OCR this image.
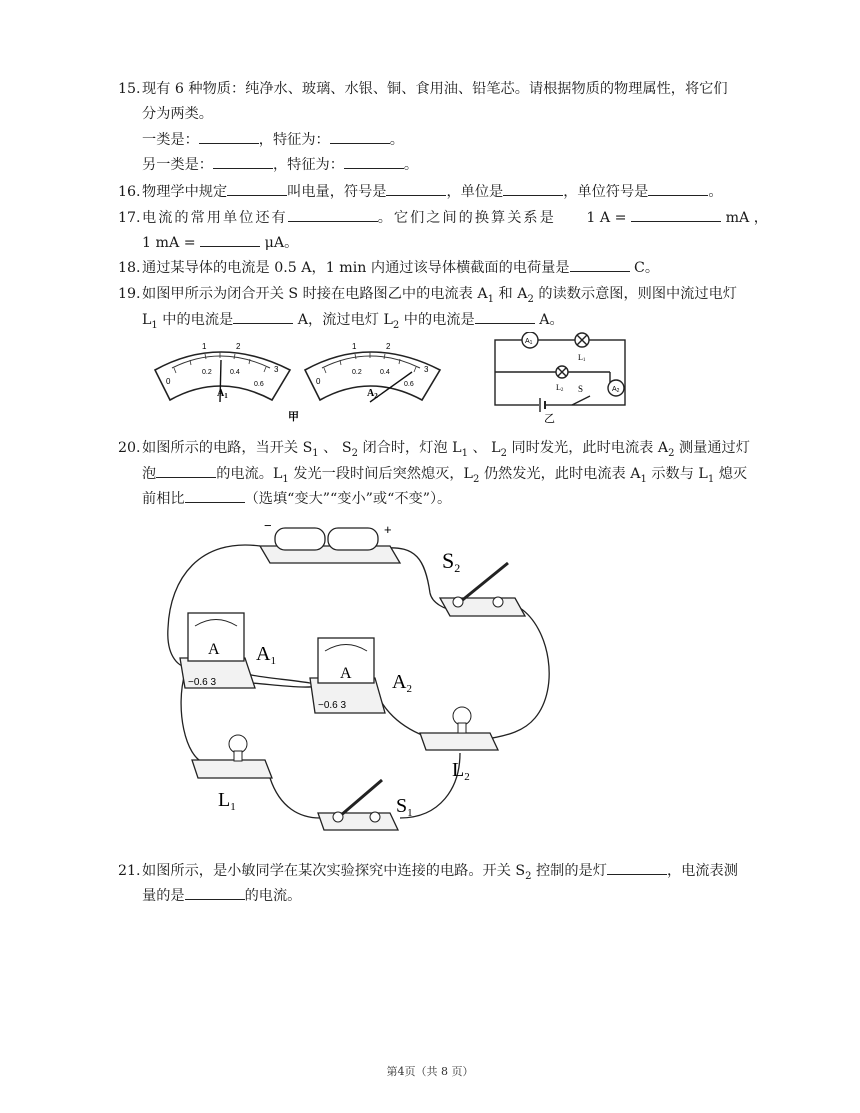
15.现有 6 种物质：纯净水、玻璃、水银、铜、食用油、铅笔芯。请根据物质的物理属性，将它们
分为两类。
一类是：	，特征为：	。
另一类是：	，特征为：	。
16.物理学中规定	叫电量，符号是	，单位是	，单位符号是	。
17.电流的常用单位还有	。它们之间的换算关系是 1 A =	mA ，
1 mA =	μA。
18.通过某导体的电流是 0.5 A，1 min 内通过该导体横截面的电荷量是	C。
19.如图甲所示为闭合开关 S 时接在电路图乙中的电流表 $A_1$ 和 $A_2$ 的读数示意图，则图中流过电灯
$L_1$ 中的电流是	A，流过电灯 $L_2$ 中的电流是	A。
0
1	2
3
0.2	0.4
0.6
$A_1$
0
1	2
3
0.2	0.4
0.6
$A_2$
甲
A1
A2
L1
L2 S
乙
20.如图所示的电路，当开关 $S_1$ 、 $S_2$ 闭合时，灯泡 $L_1$ 、 $L_2$ 同时发光，此时电流表 $A_2$ 测量通过灯
泡	的电流。$L_1$ 发光一段时间后突然熄灭，$L_2$ 仍然发光，此时电流表 $A_1$ 示数与 $L_1$ 熄灭
前相比	（选填“变大”“变小”或“不变”）。
−	+
S2
A
−0.6 3
$A_1$
A
−0.6 3
$A_2$
$L_2$
$L_1$	$S_1$
21.如图所示，是小敏同学在某次实验探究中连接的电路。开关 $S_2$ 控制的是灯	，电流表测
量的是	的电流。
第4页（共 8 页）
